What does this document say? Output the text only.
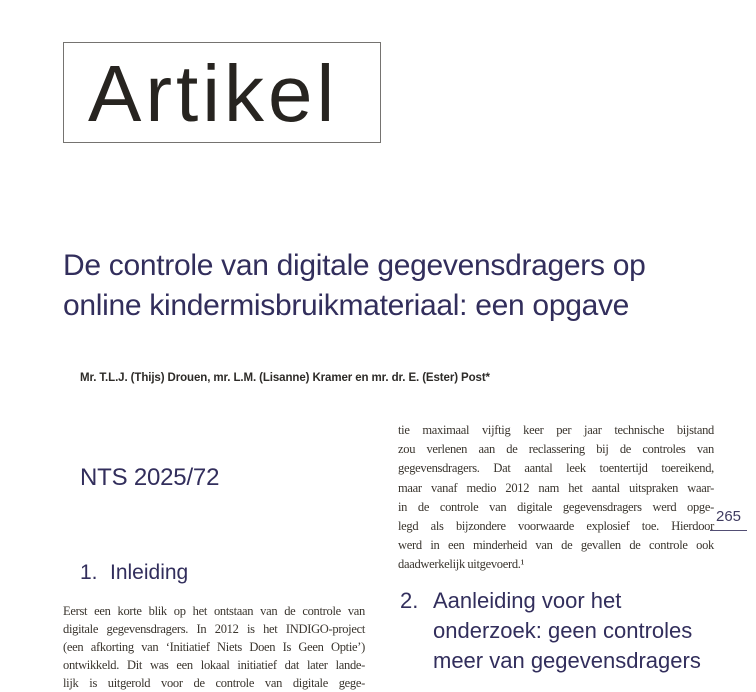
Artikel
De controle van digitale gegevensdragers op
online kindermisbruikmateriaal: een opgave
Mr. T.L.J. (Thijs) Drouen, mr. L.M. (Lisanne) Kramer en mr. dr. E. (Ester) Post*
NTS 2025/72
1. Inleiding
Eerst een korte blik op het ontstaan van de controle van
digitale gegevensdragers. In 2012 is het INDIGO-project
(een afkorting van ‘Initiatief Niets Doen Is Geen Optie’)
ontwikkeld. Dit was een lokaal initiatief dat later lande-
lijk is uitgerold voor de controle van digitale gege-
tie maximaal vijftig keer per jaar technische bijstand
zou verlenen aan de reclassering bij de controles van
gegevensdragers. Dat aantal leek toentertijd toereikend,
maar vanaf medio 2012 nam het aantal uitspraken waar-
in de controle van digitale gegevensdragers werd opge-
legd als bijzondere voorwaarde explosief toe. Hierdoor
werd in een minderheid van de gevallen de controle ook
daadwerkelijk uitgevoerd.¹
2. Aanleiding voor het
onderzoek: geen controles
meer van gegevensdragers
265
